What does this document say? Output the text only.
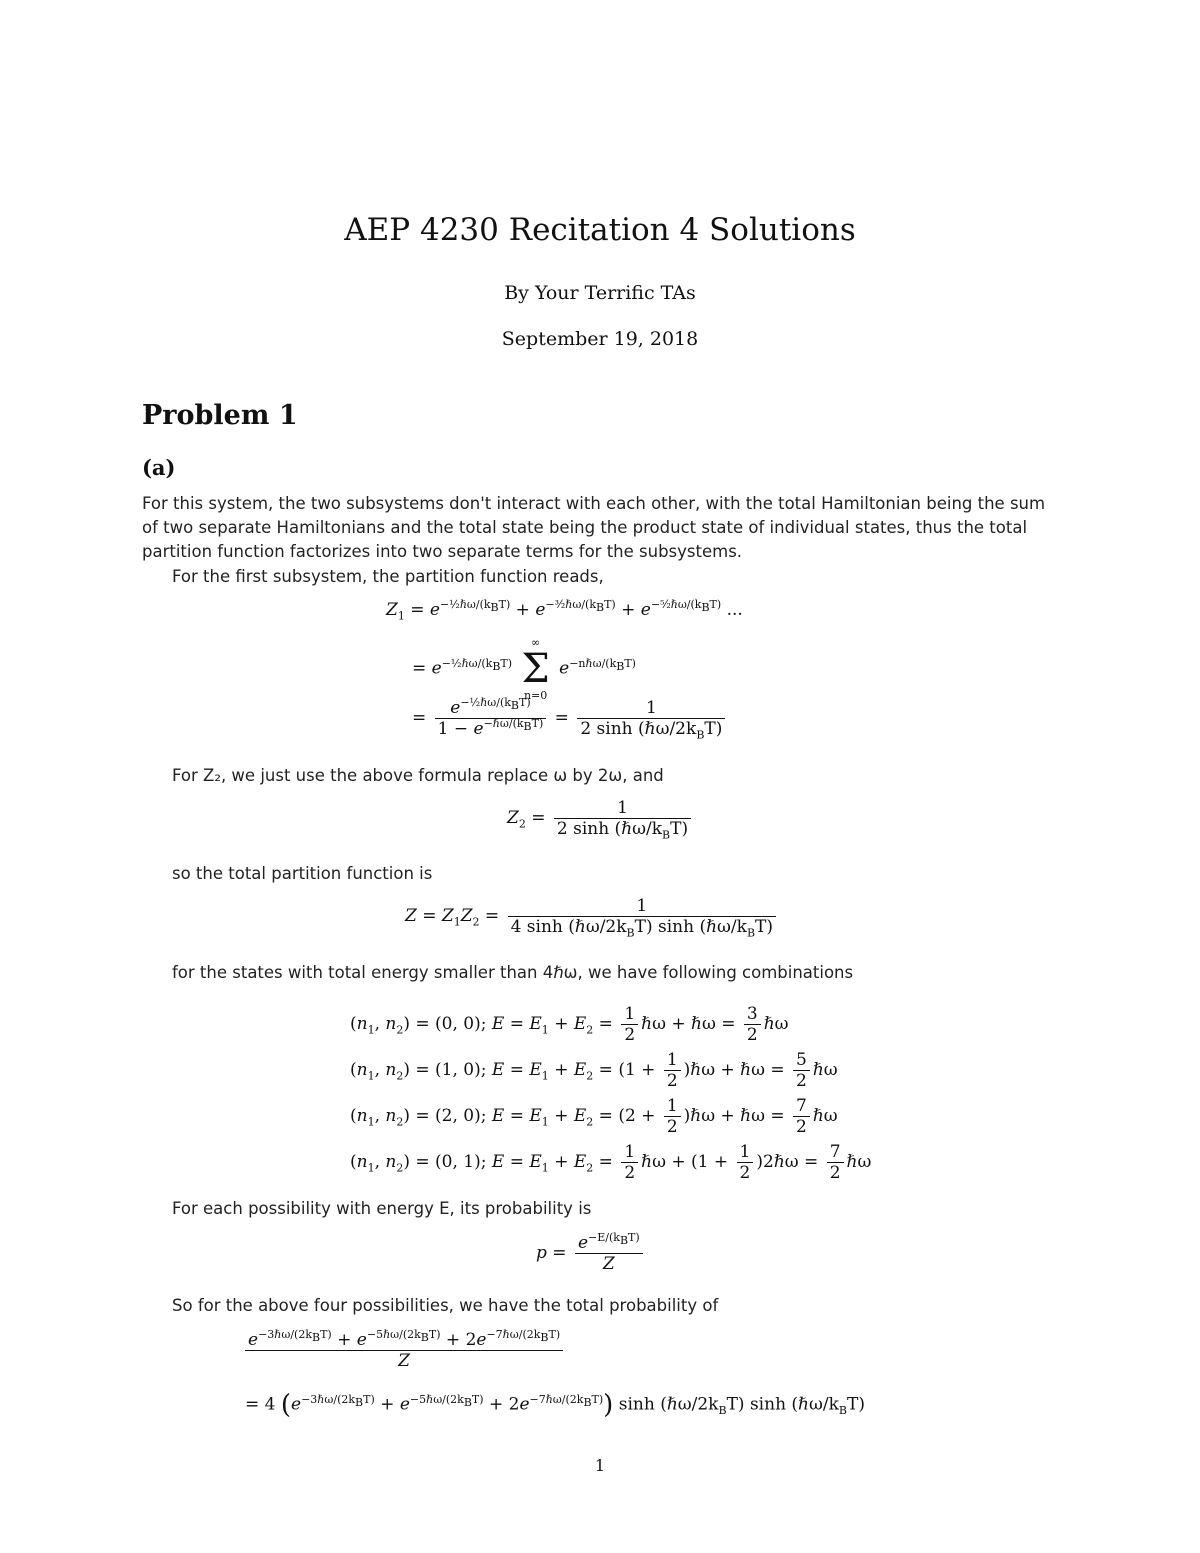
AEP 4230 Recitation 4 Solutions
By Your Terrific TAs
September 19, 2018
Problem 1
(a)
For this system, the two subsystems don't interact with each other, with the total Hamiltonian being the sum of two separate Hamiltonians and the total state being the product state of individual states, thus the total partition function factorizes into two separate terms for the subsystems.
For the first subsystem, the partition function reads,
$Z_1 = e^{-\frac{1}{2}\hbar\omega/(k_BT)} + e^{-^3⁄_2\hbar\omega/(k_BT)} + e^{-^5⁄_2\hbar\omega/(k_BT)}$ ...
= $e^{-\frac{1}{2}\hbar\omega/(k_BT)}$
∞
Σ
n=0
$e^{-n\hbar\omega/(k_BT)}$
= $\frac{e^{-\frac{1}{2}\hbar\omega/(k_BT)}}{1 - e^{-\hbar\omega/(k_BT)}} = \frac{1}{2 \sinh (\hbar\omega/2k_BT)}$
For Z₂, we just use the above formula replace ω by 2ω, and
$Z_2 = \frac{1}{2 \sinh (\hbar\omega/k_BT)}$
so the total partition function is
$Z = Z_1Z_2 = \frac{1}{4 \sinh (\hbar\omega/2k_BT) \sinh (\hbar\omega/k_BT)}$
for the states with total energy smaller than 4ℏω, we have following combinations
($n_1$, $n_2) = (0$, 0); $E = E_1 + E_2 = \frac{1}{2}$ ℏω + ℏω = $\frac{3}{2}$ ℏω
($n_1$, $n_2) = (1$, 0); $E = E_1 + E_2 = (1 + \frac{1}{2}$ )ℏω + ℏω = $\frac{5}{2}$ ℏω
($n_1$, $n_2) = (2$, 0); $E = E_1 + E_2 = (2 + \frac{1}{2}$ )ℏω + ℏω = $\frac{7}{2}$ ℏω
($n_1$, $n_2) = (0$, 1); $E = E_1 + E_2 = \frac{1}{2}$ ℏω + ($1 + \frac{1}{2}$ )2ℏω = $\frac{7}{2}$ ℏω
For each possibility with energy E, its probability is
$p = \frac{e^{-E/(k_BT)}}{Z}$
So for the above four possibilities, we have the total probability of
$\frac{e^{-3\hbar\omega/(2k_BT)} + e^{-5\hbar\omega/(2k_BT)} + 2e^{-7\hbar\omega/(2k_BT)}}{Z}$
= 4 $(e^{-3\hbar\omega/(2k_BT)} + e^{-5\hbar\omega/(2k_BT)} + 2e^{-7\hbar\omega/(2k_BT)})$ $\sinh (\hbar\omega/2k_BT)$ $\sinh (\hbar\omega/k_BT)$
1
